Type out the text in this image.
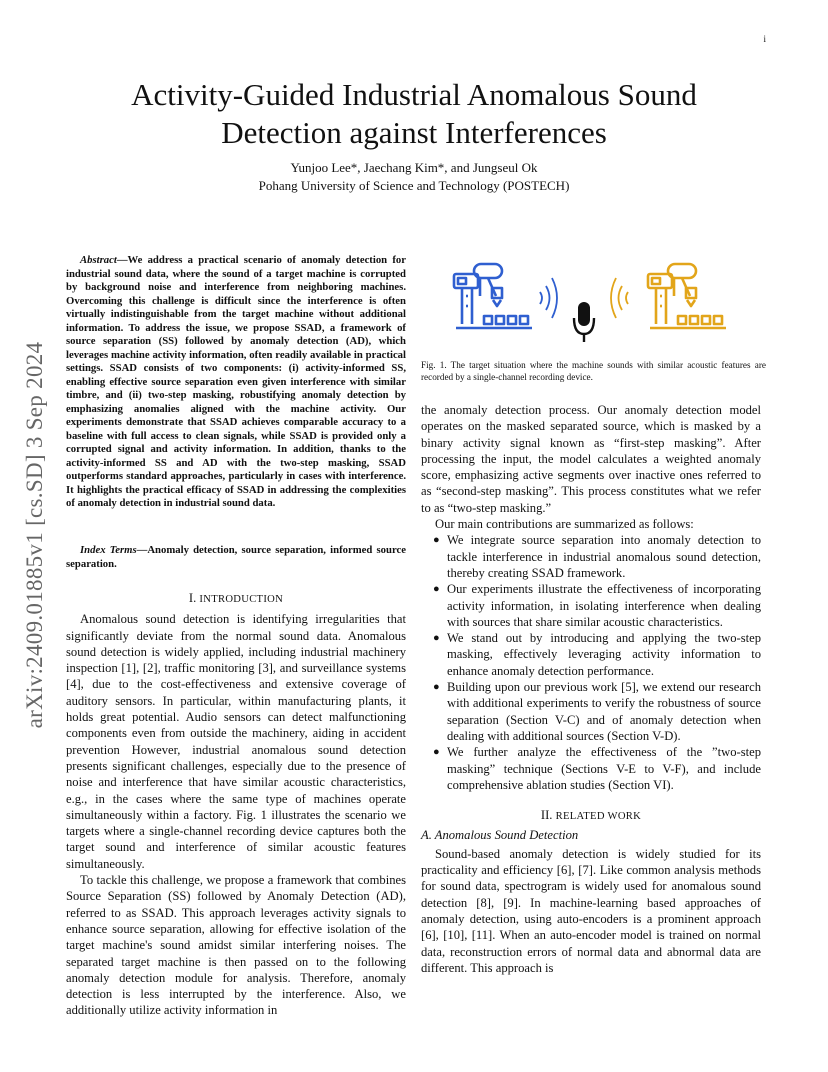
i
arXiv:2409.01885v1 [cs.SD] 3 Sep 2024
Activity-Guided Industrial Anomalous Sound
Detection against Interferences
Yunjoo Lee*, Jaechang Kim*, and Jungseul Ok
Pohang University of Science and Technology (POSTECH)

Abstract—We address a practical scenario of anomaly detection for industrial sound data, where the sound of a target machine is corrupted by background noise and interference from neighboring machines. Overcoming this challenge is difficult since the interference is often virtually indistinguishable from the target machine without additional information. To address the issue, we propose SSAD, a framework of source separation (SS) followed by anomaly detection (AD), which leverages machine activity information, often readily available in practical settings. SSAD consists of two components: (i) activity-informed SS, enabling effective source separation even given interference with similar timbre, and (ii) two-step masking, robustifying anomaly detection by emphasizing anomalies aligned with the machine activity. Our experiments demonstrate that SSAD achieves comparable accuracy to a baseline with full access to clean signals, while SSAD is provided only a corrupted signal and activity information. In addition, thanks to the activity-informed SS and AD with the two-step masking, SSAD outperforms standard approaches, particularly in cases with interference. It highlights the practical efficacy of SSAD in addressing the complexities of anomaly detection in industrial sound data.

Index Terms—Anomaly detection, source separation, informed source separation.

I. INTRODUCTION

Anomalous sound detection is identifying irregularities that significantly deviate from the normal sound data. Anomalous sound detection is widely applied, including industrial machinery inspection [1], [2], traffic monitoring [3], and surveillance systems [4], due to the cost-effectiveness and extensive coverage of auditory sensors. In particular, within manufacturing plants, it holds great potential. Audio sensors can detect malfunctioning components even from outside the machinery, aiding in accident prevention However, industrial anomalous sound detection presents significant challenges, especially due to the presence of noise and interference that have similar acoustic characteristics, e.g., in the cases where the same type of machines operate simultaneously within a factory. Fig. 1 illustrates the scenario we targets where a single-channel recording device captures both the target sound and interference of similar acoustic features simultaneously.

To tackle this challenge, we propose a framework that combines Source Separation (SS) followed by Anomaly Detection (AD), referred to as SSAD. This approach leverages activity signals to enhance source separation, allowing for effective isolation of the target machine's sound amidst similar interfering noises. The separated target machine is then passed on to the following anomaly detection module for analysis. Therefore, anomaly detection is less interrupted by the interference. Also, we additionally utilize activity information in

Fig. 1. The target situation where the machine sounds with similar acoustic features are recorded by a single-channel recording device.

the anomaly detection process. Our anomaly detection model operates on the masked separated source, which is masked by a binary activity signal known as “first-step masking”. After processing the input, the model calculates a weighted anomaly score, emphasizing active segments over inactive ones referred to as “second-step masking”. This process constitutes what we refer to as “two-step masking.”

Our main contributions are summarized as follows:

● We integrate source separation into anomaly detection to tackle interference in industrial anomalous sound detection, thereby creating SSAD framework.
● Our experiments illustrate the effectiveness of incorporating activity information, in isolating interference when dealing with sources that share similar acoustic characteristics.
● We stand out by introducing and applying the two-step masking, effectively leveraging activity information to enhance anomaly detection performance.
● Building upon our previous work [5], we extend our research with additional experiments to verify the robustness of source separation (Section V-C) and of anomaly detection when dealing with additional sources (Section V-D).
● We further analyze the effectiveness of the ”two-step masking” technique (Sections V-E to V-F), and include comprehensive ablation studies (Section VI).
II. RELATED WORK
A. Anomalous Sound Detection

Sound-based anomaly detection is widely studied for its practicality and efficiency [6], [7]. Like common analysis methods for sound data, spectrogram is widely used for anomalous sound detection [8], [9]. In machine-learning based approaches of anomaly detection, using auto-encoders is a prominent approach [6], [10], [11]. When an auto-encoder model is trained on normal data, reconstruction errors of normal data and abnormal data are different. This approach is
